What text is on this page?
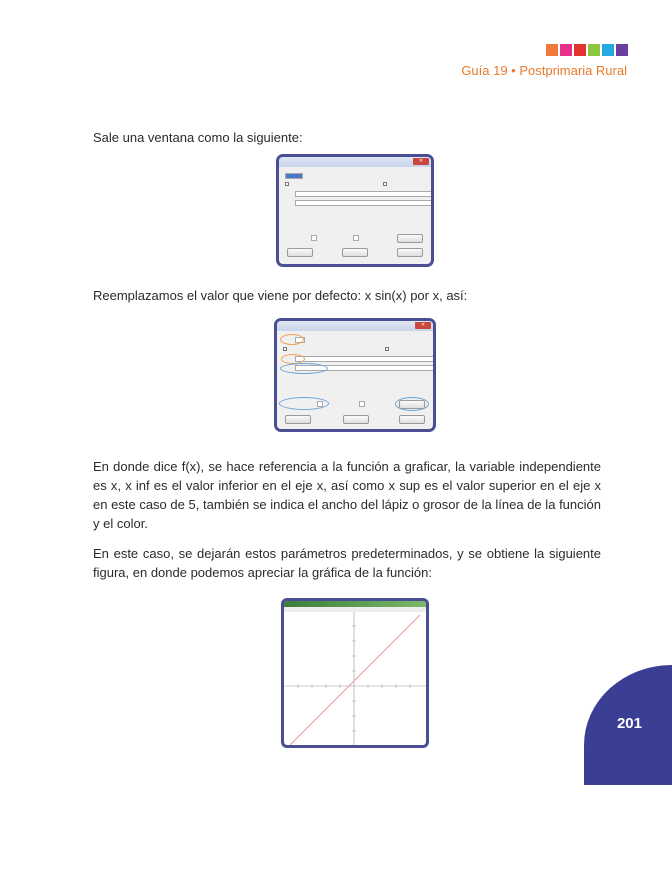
Guía 19 • Postprimaria Rural

Sale una ventana como la siguiente:

✕

Reemplazamos el valor que viene por defecto: x sin(x) por x, así:

✕

En donde dice f(x), se hace referencia a la función a graficar, la variable independiente es x, x inf es el valor inferior en el eje x, así como x sup es el valor superior en el eje x en este caso de 5, también se indica el ancho del lápiz o grosor de la línea de la función y el color.

En este caso, se dejarán estos parámetros predeterminados, y se obtiene la siguiente figura, en donde podemos apreciar la gráfica de la función:

201
